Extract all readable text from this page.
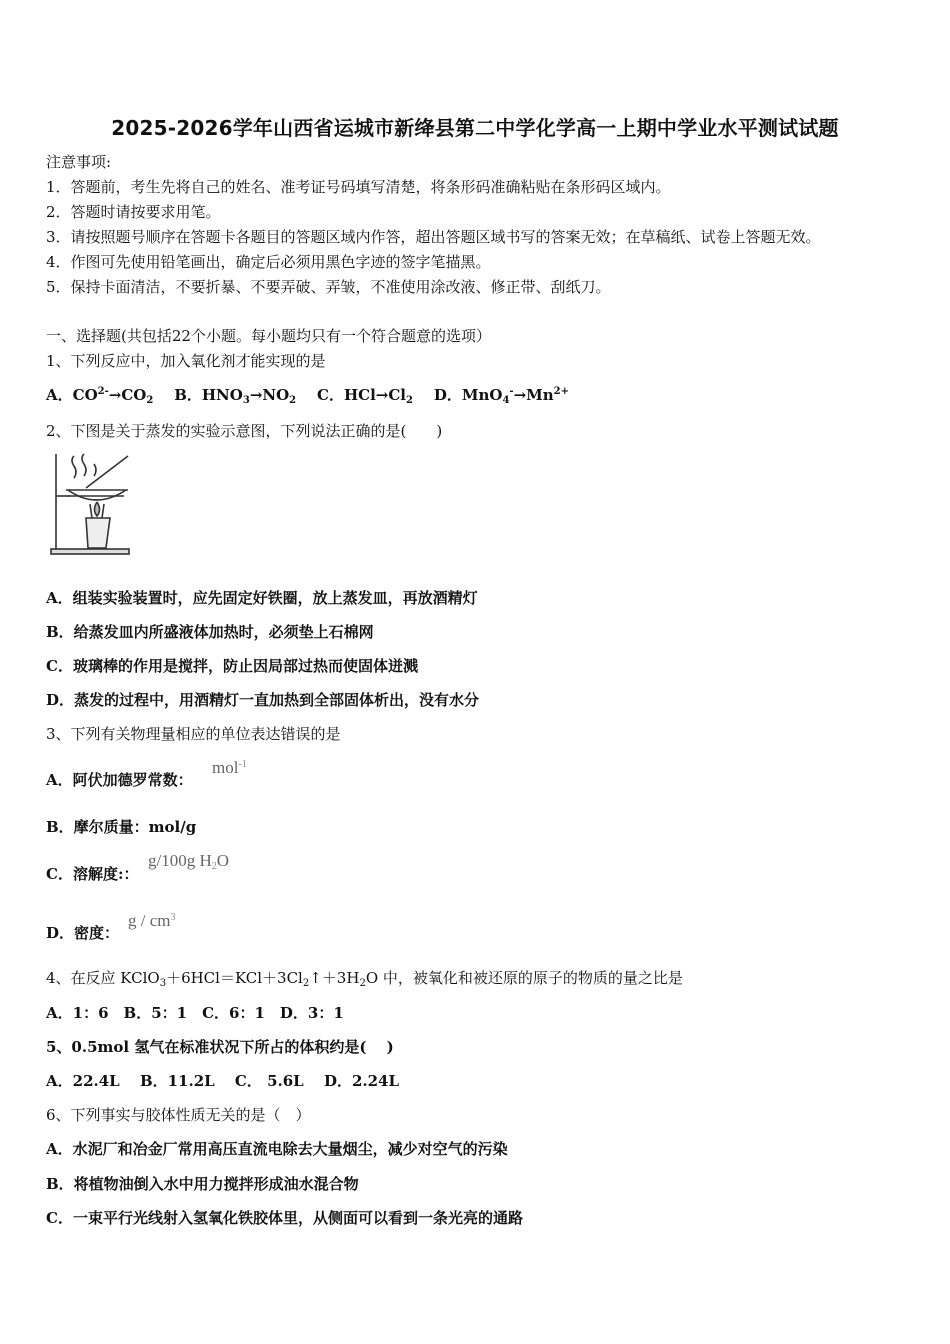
2025-2026学年山西省运城市新绛县第二中学化学高一上期中学业水平测试试题
注意事项:
1．答题前，考生先将自己的姓名、准考证号码填写清楚，将条形码准确粘贴在条形码区域内。
2．答题时请按要求用笔。
3．请按照题号顺序在答题卡各题目的答题区域内作答，超出答题区域书写的答案无效；在草稿纸、试卷上答题无效。
4．作图可先使用铅笔画出，确定后必须用黑色字迹的签字笔描黑。
5．保持卡面清洁，不要折暴、不要弄破、弄皱，不准使用涂改液、修正带、刮纸刀。
一、选择题(共包括22个小题。每小题均只有一个符合题意的选项）
1、下列反应中，加入氧化剂才能实现的是
A．$CO^{2-}\to CO_2$ B．$HNO_3\to NO_2$ C．$HCl\to Cl_2$ D．$MnO_4^-\to Mn^{2+}$
2、下图是关于蒸发的实验示意图，下列说法正确的是(　　)
A．组装实验装置时，应先固定好铁圈，放上蒸发皿，再放酒精灯
B．给蒸发皿内所盛液体加热时，必须垫上石棉网
C．玻璃棒的作用是搅拌，防止因局部过热而使固体迸溅
D．蒸发的过程中，用酒精灯一直加热到全部固体析出，没有水分
3、下列有关物理量相应的单位表达错误的是
A．阿伏加德罗常数：
mol$^{-1}$
B．摩尔质量：mol/g
C．溶解度:：
g/100g $H_2O$
D．密度：
g / $cm^3$
4、在反应 $KClO_3+6HCl=KCl+3Cl_2↑+3H_2O$ 中，被氧化和被还原的原子的物质的量之比是
A．1：6　B．5：1　C．6：1　D．3：1
5、0.5mol 氢气在标准状况下所占的体积约是(　 )
A．22.4L　 B．11.2L　 C． 5.6L　 D．2.24L
6、下列事实与胶体性质无关的是（　）
A．水泥厂和冶金厂常用高压直流电除去大量烟尘，减少对空气的污染
B．将植物油倒入水中用力搅拌形成油水混合物
C．一束平行光线射入氢氧化铁胶体里，从侧面可以看到一条光亮的通路
